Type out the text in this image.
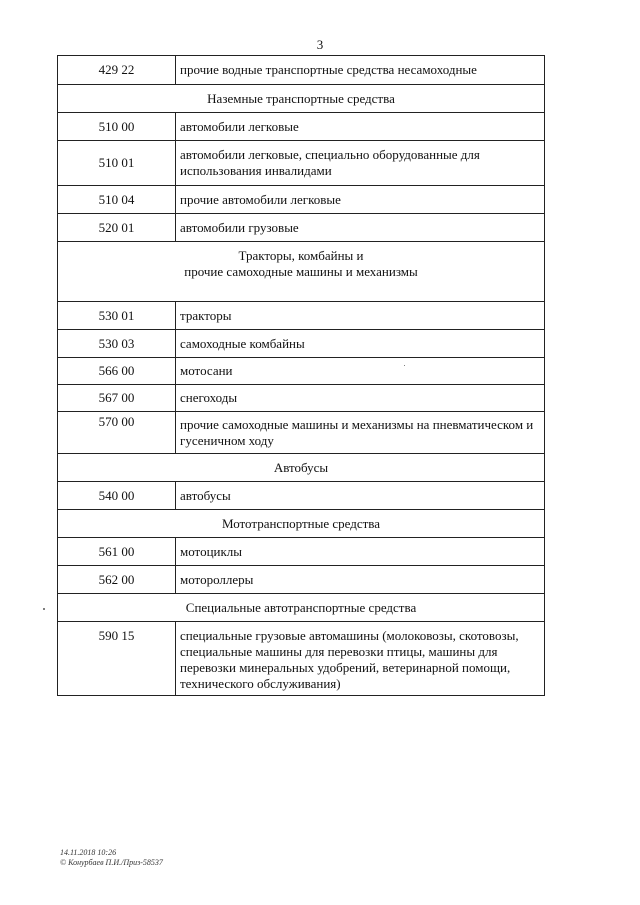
3
429 22	прочие водные транспортные средства несамоходные
Наземные транспортные средства	
510 00	автомобили легковые
510 01	автомобили легковые, специально оборудованные для использования инвалидами
510 04	прочие автомобили легковые
520 01	автомобили грузовые

Тракторы, комбайны и
прочие самоходные машины и механизмы	

530 01	тракторы
530 03	самоходные комбайны
566 00	мотосани
567 00	снегоходы
570 00	прочие самоходные машины и механизмы на пневматическом и гусеничном ходу
Автобусы	
540 00	автобусы
Мототранспортные средства	
561 00	мотоциклы
562 00	мотороллеры
Специальные автотранспортные средства	
590 15	специальные грузовые автомашины (молоковозы, скотовозы, специальные машины для перевозки птицы, машины для перевозки минеральных удобрений, ветеринарной помощи, технического обслуживания)
14.11.2018 10:26
© Конурбаев П.И./Приз-58537
